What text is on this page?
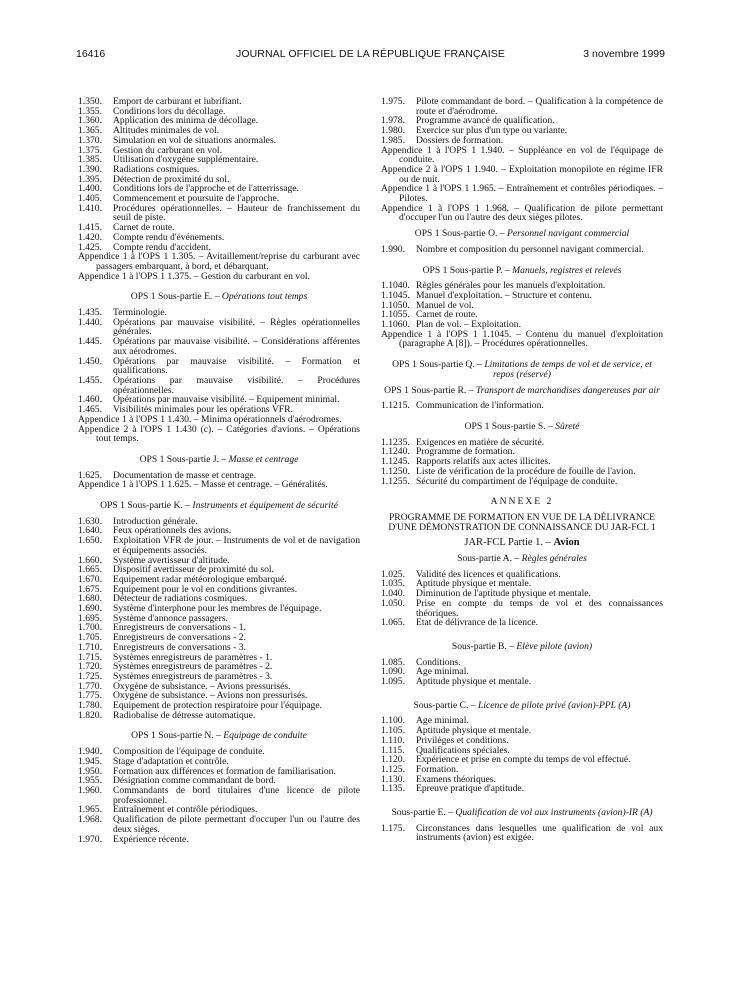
16416	JOURNAL OFFICIEL DE LA RÉPUBLIQUE FRANÇAISE	3 novembre 1999
1.350.	Emport de carburant et lubrifiant.
1.355.	Conditions lors du décollage.
1.360.	Application des minima de décollage.
1.365.	Altitudes minimales de vol.
1.370.	Simulation en vol de situations anormales.
1.375.	Gestion du carburant en vol.
1.385.	Utilisation d'oxygène supplémentaire.
1.390.	Radiations cosmiques.
1.395.	Détection de proximité du sol.
1.400.	Conditions lors de l'approche et de l'atterrissage.
1.405.	Commencement et poursuite de l'approche.
1.410.	Procédures opérationnelles. – Hauteur de franchissement du seuil de piste.
1.415.	Carnet de route.
1.420.	Compte rendu d'événements.
1.425.	Compte rendu d'accident.
Appendice 1 à l'OPS 1 1.305. – Avitaillement/reprise du carburant avec passagers embarquant, à bord, et débarquant.
Appendice 1 à l'OPS 1 1.375. – Gestion du carburant en vol.
OPS 1 Sous-partie E. – Opérations tout temps
1.435.	Terminologie.
1.440.	Opérations par mauvaise visibilité. – Règles opérationnelles générales.
1.445.	Opérations par mauvaise visibilité. – Considérations afférentes aux aérodromes.
1.450.	Opérations par mauvaise visibilité. – Formation et qualifications.
1.455.	Opérations par mauvaise visibilité. – Procédures opérationnelles.
1.460.	Opérations par mauvaise visibilité. – Equipement minimal.
1.465.	Visibilités minimales pour les opérations VFR.
Appendice 1 à l'OPS 1 1.430. – Minima opérationnels d'aérodromes.
Appendice 2 à l'OPS 1 1.430 (c). – Catégories d'avions. – Opérations tout temps.
OPS 1 Sous-partie J. – Masse et centrage
1.625.	Documentation de masse et centrage.
Appendice 1 à l'OPS 1 1.625. – Masse et centrage. – Généralités.
OPS 1 Sous-partie K. – Instruments et équipement de sécurité
1.630.	Introduction générale.
1.640.	Feux opérationnels des avions.
1.650.	Exploitation VFR de jour. – Instruments de vol et de navigation et équipements associés.
1.660.	Système avertisseur d'altitude.
1.665.	Dispositif avertisseur de proximité du sol.
1.670.	Equipement radar météorologique embarqué.
1.675.	Equipement pour le vol en conditions givrantes.
1.680.	Détecteur de radiations cosmiques.
1.690.	Système d'interphone pour les membres de l'équipage.
1.695.	Système d'annonce passagers.
1.700.	Enregistreurs de conversations - 1.
1.705.	Enregistreurs de conversations - 2.
1.710.	Enregistreurs de conversations - 3.
1.715.	Systèmes enregistreurs de paramètres - 1.
1.720.	Systèmes enregistreurs de paramètres - 2.
1.725.	Systèmes enregistreurs de paramètres - 3.
1.770.	Oxygène de subsistance. – Avions pressurisés.
1.775.	Oxygène de subsistance. – Avions non pressurisés.
1.780.	Equipement de protection respiratoire pour l'équipage.
1.820.	Radiobalise de détresse automatique.
OPS 1 Sous-partie N. – Equipage de conduite
1.940.	Composition de l'équipage de conduite.
1.945.	Stage d'adaptation et contrôle.
1.950.	Formation aux différences et formation de familiarisation.
1.955.	Désignation comme commandant de bord.
1.960.	Commandants de bord titulaires d'une licence de pilote professionnel.
1.965.	Entraînement et contrôle périodiques.
1.968.	Qualification de pilote permettant d'occuper l'un ou l'autre des deux sièges.
1.970.	Expérience récente.
1.975.	Pilote commandant de bord. – Qualification à la compétence de route et d'aérodrome.
1.978.	Programme avancé de qualification.
1.980.	Exercice sur plus d'un type ou variante.
1.985.	Dossiers de formation.
Appendice 1 à l'OPS 1 1.940. – Suppléance en vol de l'équipage de conduite.
Appendice 2 à l'OPS 1 1.940. – Exploitation monopilote en régime IFR ou de nuit.
Appendice 1 à l'OPS 1 1.965. – Entraînement et contrôles périodiques. – Pilotes.
Appendice 1 à l'OPS 1 1.968. – Qualification de pilote permettant d'occuper l'un ou l'autre des deux sièges pilotes.
OPS 1 Sous-partie O. – Personnel navigant commercial
1.990.	Nombre et composition du personnel navigant commercial.
OPS 1 Sous-partie P. – Manuels, registres et relevés
1.1040. Règles générales pour les manuels d'exploitation.
1.1045. Manuel d'exploitation. – Structure et contenu.
1.1050. Manuel de vol.
1.1055. Carnet de route.
1.1060. Plan de vol. – Exploitation.
Appendice 1 à l'OPS 1 1.1045. – Contenu du manuel d'exploitation (paragraphe A [8]). – Procédures opérationnelles.
OPS 1 Sous-partie Q. – Limitations de temps de vol et de service, et repos (réservé)
OPS 1 Sous-partie R. – Transport de marchandises dangereuses par air
1.1215. Communication de l'information.
OPS 1 Sous-partie S. – Sûreté
1.1235. Exigences en matière de sécurité.
1.1240. Programme de formation.
1.1245. Rapports relatifs aux actes illicites.
1.1250. Liste de vérification de la procédure de fouille de l'avion.
1.1255. Sécurité du compartiment de l'équipage de conduite.
ANNEXE 2
PROGRAMME DE FORMATION EN VUE DE LA DÉLIVRANCE D'UNE DÉMONSTRATION DE CONNAISSANCE DU JAR-FCL 1
JAR-FCL Partie 1. – Avion
Sous-partie A. – Règles générales
1.025.	Validité des licences et qualifications.
1.035.	Aptitude physique et mentale.
1.040.	Diminution de l'aptitude physique et mentale.
1.050.	Prise en compte du temps de vol et des connaissances théoriques.
1.065.	Etat de délivrance de la licence.
Sous-partie B. – Elève pilote (avion)
1.085.	Conditions.
1.090.	Age minimal.
1.095.	Aptitude physique et mentale.
Sous-partie C. – Licence de pilote privé (avion)-PPL (A)
1.100.	Age minimal.
1.105.	Aptitude physique et mentale.
1.110.	Privilèges et conditions.
1.115.	Qualifications spéciales.
1.120.	Expérience et prise en compte du temps de vol effectué.
1.125.	Formation.
1.130.	Examens théoriques.
1.135.	Epreuve pratique d'aptitude.
Sous-partie E. – Qualification de vol aux instruments (avion)-IR (A)
1.175.	Circonstances dans lesquelles une qualification de vol aux instruments (avion) est exigée.
